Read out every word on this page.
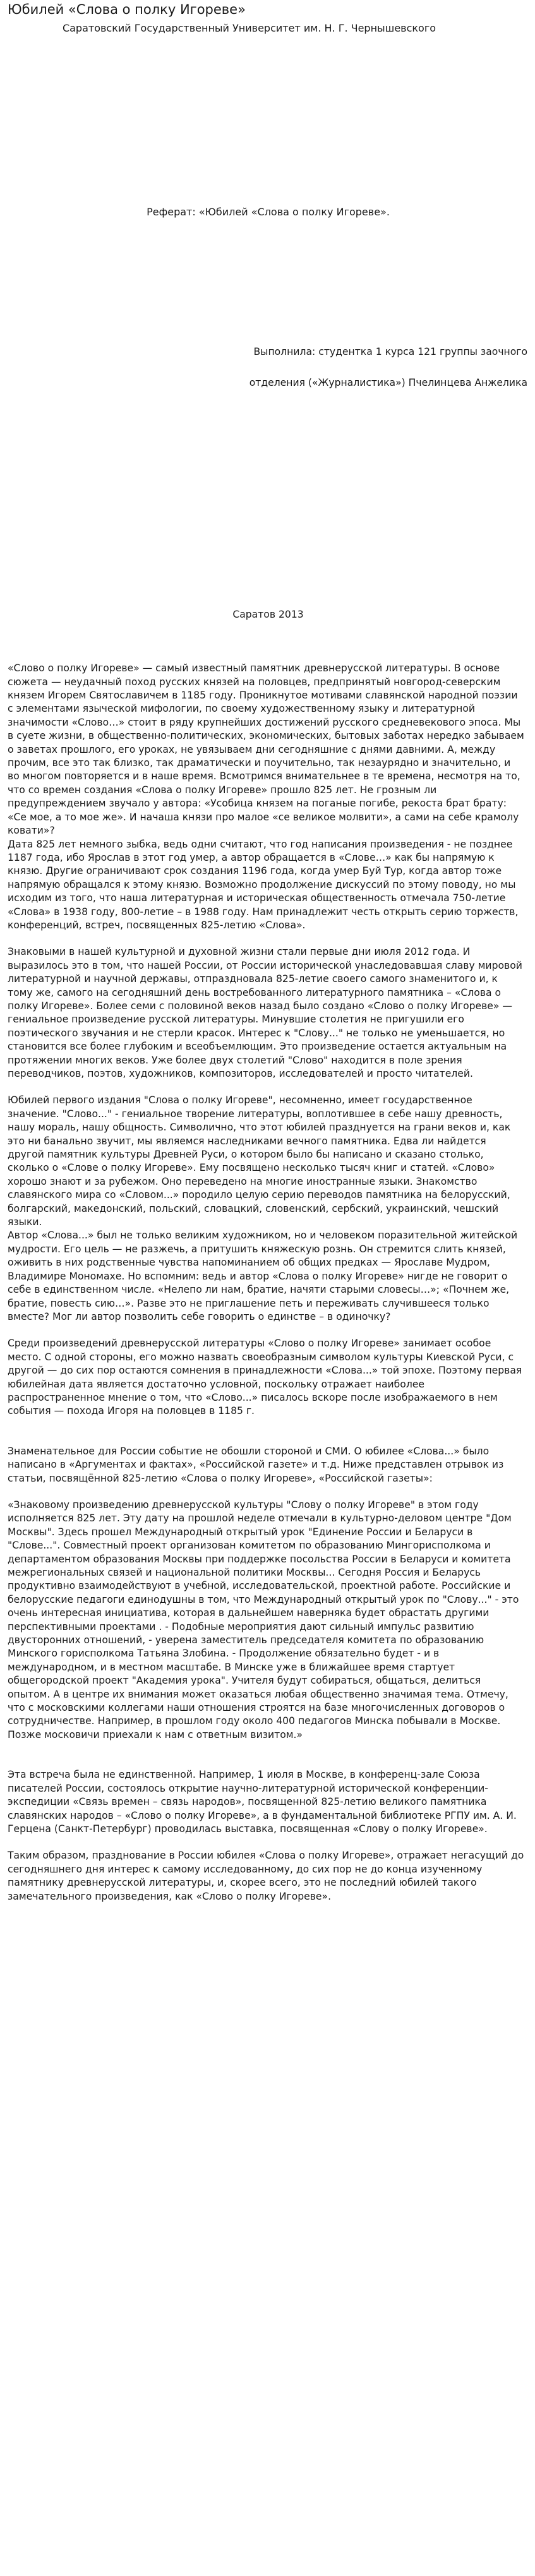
Юбилей «Слова о полку Игореве»
Саратовский Государственный Университет им. Н. Г. Чернышевского
Реферат: «Юбилей «Слова о полку Игореве».
Выполнила: студентка 1 курса 121 группы заочного
отделения («Журналистика») Пчелинцева Анжелика
Саратов 2013

«Слово о полку Игореве» — самый известный памятник древнерусской литературы. В основе сюжета — неудачный поход русских князей на половцев, предпринятый новгород-северским князем Игорем Святославичем в 1185 году. Проникнутое мотивами славянской народной поэзии с элементами языческой мифологии, по своему художественному языку и литературной значимости «Слово…» стоит в ряду крупнейших достижений русского средневекового эпоса. Мы в суете жизни, в общественно-политических, экономических, бытовых заботах нередко забываем о заветах прошлого, его уроках, не увязываем дни сегодняшние с днями давними. А, между прочим, все это так близко, так драматически и поучительно, так незаурядно и значительно, и во многом повторяется и в наше время. Всмотримся внимательнее в те времена, несмотря на то, что со времен создания «Слова о полку Игореве» прошло 825 лет. Не грозным ли предупреждением звучало у автора: «Усобица князем на поганые погибе, рекоста брат брату: «Се мое, а то мое же». И начаша князи про малое «се великое молвити», а сами на себе крамолу ковати»?

Дата 825 лет немного зыбка, ведь одни считают, что год написания произведения - не позднее 1187 года, ибо Ярослав в этот год умер, а автор обращается в «Слове…» как бы напрямую к князю. Другие ограничивают срок создания 1196 года, когда умер Буй Тур, когда автор тоже напрямую обращался к этому князю. Возможно продолжение дискуссий по этому поводу, но мы исходим из того, что наша литературная и историческая общественность отмечала 750-летие «Слова» в 1938 году, 800-летие – в 1988 году. Нам принадлежит честь открыть серию торжеств, конференций, встреч, посвященных 825-летию «Слова».

Знаковыми в нашей культурной и духовной жизни стали первые дни июля 2012 года. И выразилось это в том, что нашей России, от России исторической унаследовавшая славу мировой литературной и научной державы, отпраздновала 825-летие своего самого знаменитого и, к тому же, самого на сегодняшний день востребованного литературного памятника – «Слова о полку Игореве». Более семи с половиной веков назад было создано «Слово о полку Игореве» — гениальное произведение русской литературы. Минувшие столетия не пригушили его поэтического звучания и не стерли красок. Интерес к "Слову..." не только не уменьшается, но становится все более глубоким и всеобъемлющим. Это произведение остается актуальным на протяжении многих веков. Уже более двух столетий "Слово" находится в поле зрения переводчиков, поэтов, художников, композиторов, исследователей и просто читателей.

Юбилей первого издания "Слова о полку Игореве", несомненно, имеет государственное значение. "Слово..." - гениальное творение литературы, воплотившее в себе нашу древность, нашу мораль, нашу общность. Символично, что этот юбилей празднуется на грани веков и, как это ни банально звучит, мы являемся наследниками вечного памятника. Едва ли найдется другой памятник культуры Древней Руси, о котором было бы написано и сказано столько, сколько о «Слове о полку Игореве». Ему посвящено несколько тысяч книг и статей. «Слово» хорошо знают и за рубежом. Оно переведено на многие иностранные языки. Знакомство славянского мира со «Словом...» породило целую серию переводов памятника на белорусский, болгарский, македонский, польский, словацкий, словенский, сербский, украинский, чешский языки.

Автор «Слова...» был не только великим художником, но и человеком поразительной житейской мудрости. Его цель — не разжечь, а притушить княжескую рознь. Он стремится слить князей, оживить в них родственные чувства напоминанием об общих предках — Ярославе Мудром, Владимире Мономахе. Но вспомним: ведь и автор «Слова о полку Игореве» нигде не говорит о себе в единственном числе. «Нелепо ли нам, братие, начяти старыми словесы…»; «Почнем же, братие, повесть сию…». Разве это не приглашение петь и переживать случившееся только вместе? Мог ли автор позволить себе говорить о единстве – в одиночку?

Среди произведений древнерусской литературы «Слово о полку Игореве» занимает особое место. С одной стороны, его можно назвать своеобразным символом культуры Киевской Руси, с другой — до сих пор остаются сомнения в принадлежности «Слова...» той эпохе. Поэтому первая юбилейная дата является достаточно условной, поскольку отражает наиболее распространенное мнение о том, что «Слово...» писалось вскоре после изображаемого в нем события — похода Игоря на половцев в 1185 г.

Знаменательное для России событие не обошли стороной и СМИ. О юбилее «Слова...» было написано в «Аргументах и фактах», «Российской газете» и т.д. Ниже представлен отрывок из статьи, посвящённой 825-летию «Слова о полку Игореве», «Российской газеты»:

«Знаковому произведению древнерусской культуры "Слову о полку Игореве" в этом году исполняется 825 лет. Эту дату на прошлой неделе отмечали в культурно-деловом центре "Дом Москвы". Здесь прошел Международный открытый урок "Единение России и Беларуси в "Слове...". Совместный проект организован комитетом по образованию Мингорисполкома и департаментом образования Москвы при поддержке посольства России в Беларуси и комитета межрегиональных связей и национальной политики Москвы... Сегодня Россия и Беларусь продуктивно взаимодействуют в учебной, исследовательской, проектной работе. Российские и белорусские педагоги единодушны в том, что Международный открытый урок по "Слову..." - это очень интересная инициатива, которая в дальнейшем наверняка будет обрастать другими перспективными проектами . - Подобные мероприятия дают сильный импульс развитию двусторонних отношений, - уверена заместитель председателя комитета по образованию Минского горисполкома Татьяна Злобина. - Продолжение обязательно будет - и в международном, и в местном масштабе. В Минске уже в ближайшее время стартует общегородской проект "Академия урока". Учителя будут собираться, общаться, делиться опытом. А в центре их внимания может оказаться любая общественно значимая тема. Отмечу, что с московскими коллегами наши отношения строятся на базе многочисленных договоров о сотрудничестве. Например, в прошлом году около 400 педагогов Минска побывали в Москве. Позже московичи приехали к нам с ответным визитом.»

Эта встреча была не единственной. Например, 1 июля в Москве, в конференц-зале Союза писателей России, состоялось открытие научно-литературной исторической конференции-экспедиции «Связь времен – связь народов», посвященной 825-летию великого памятника славянских народов – «Слово о полку Игореве», а в фундаментальной библиотеке РГПУ им. А. И. Герцена (Санкт-Петербург) проводилась выставка, посвященная «Слову о полку Игореве».

Таким образом, празднование в России юбилея «Слова о полку Игореве», отражает негасущий до сегодняшнего дня интерес к самому исследованному, до сих пор не до конца изученному памятнику древнерусской литературы, и, скорее всего, это не последний юбилей такого замечательного произведения, как «Слово о полку Игореве».
